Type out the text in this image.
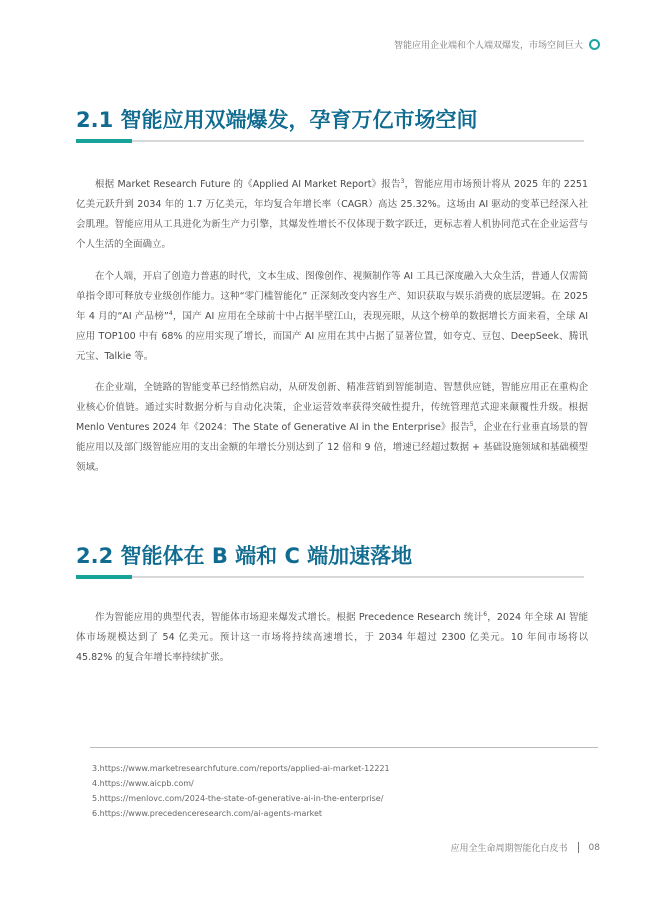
智能应用企业端和个人端双爆发，市场空间巨大
2.1 智能应用双端爆发，孕育万亿市场空间

根据 Market Research Future 的《Applied AI Market Report》报告$^3$，智能应用市场预计将从 2025 年的 2251 亿美元跃升到 2034 年的 1.7 万亿美元，年均复合年增长率（CAGR）高达 25.32%。这场由 AI 驱动的变革已经深入社会肌理。智能应用从工具进化为新生产力引擎，其爆发性增长不仅体现于数字跃迁，更标志着人机协同范式在企业运营与个人生活的全面确立。

在个人端，开启了创造力普惠的时代，文本生成、图像创作、视频制作等 AI 工具已深度融入大众生活，普通人仅需简单指令即可释放专业级创作能力。这种“零门槛智能化” 正深刻改变内容生产、知识获取与娱乐消费的底层逻辑。在 2025 年 4 月的“AI 产品榜”$^4$，国产 AI 应用在全球前十中占据半壁江山，表现亮眼，从这个榜单的数据增长方面来看，全球 AI 应用 TOP100 中有 68% 的应用实现了增长，而国产 AI 应用在其中占据了显著位置，如夸克、豆包、DeepSeek、腾讯元宝、Talkie 等。

在企业端，全链路的智能变革已经悄然启动，从研发创新、精准营销到智能制造、智慧供应链，智能应用正在重构企业核心价值链。通过实时数据分析与自动化决策，企业运营效率获得突破性提升，传统管理范式迎来颠覆性升级。根据 Menlo Ventures 2024 年《2024：The State of Generative AI in the Enterprise》报告$^5$，企业在行业垂直场景的智能应用以及部门级智能应用的支出金额的年增长分别达到了 12 倍和 9 倍，增速已经超过数据 + 基础设施领域和基础模型领域。

2.2 智能体在 B 端和 C 端加速落地

作为智能应用的典型代表，智能体市场迎来爆发式增长。根据 Precedence Research 统计$^6$，2024 年全球 AI 智能体市场规模达到了 54 亿美元。预计这一市场将持续高速增长，于 2034 年超过 2300 亿美元。10 年间市场将以 45.82% 的复合年增长率持续扩张。

3.https://www.marketresearchfuture.com/reports/applied-ai-market-12221
4.https://www.aicpb.com/
5.https://menlovc.com/2024-the-state-of-generative-ai-in-the-enterprise/
6.https://www.precedenceresearch.com/ai-agents-market
应用全生命周期智能化白皮书 08
